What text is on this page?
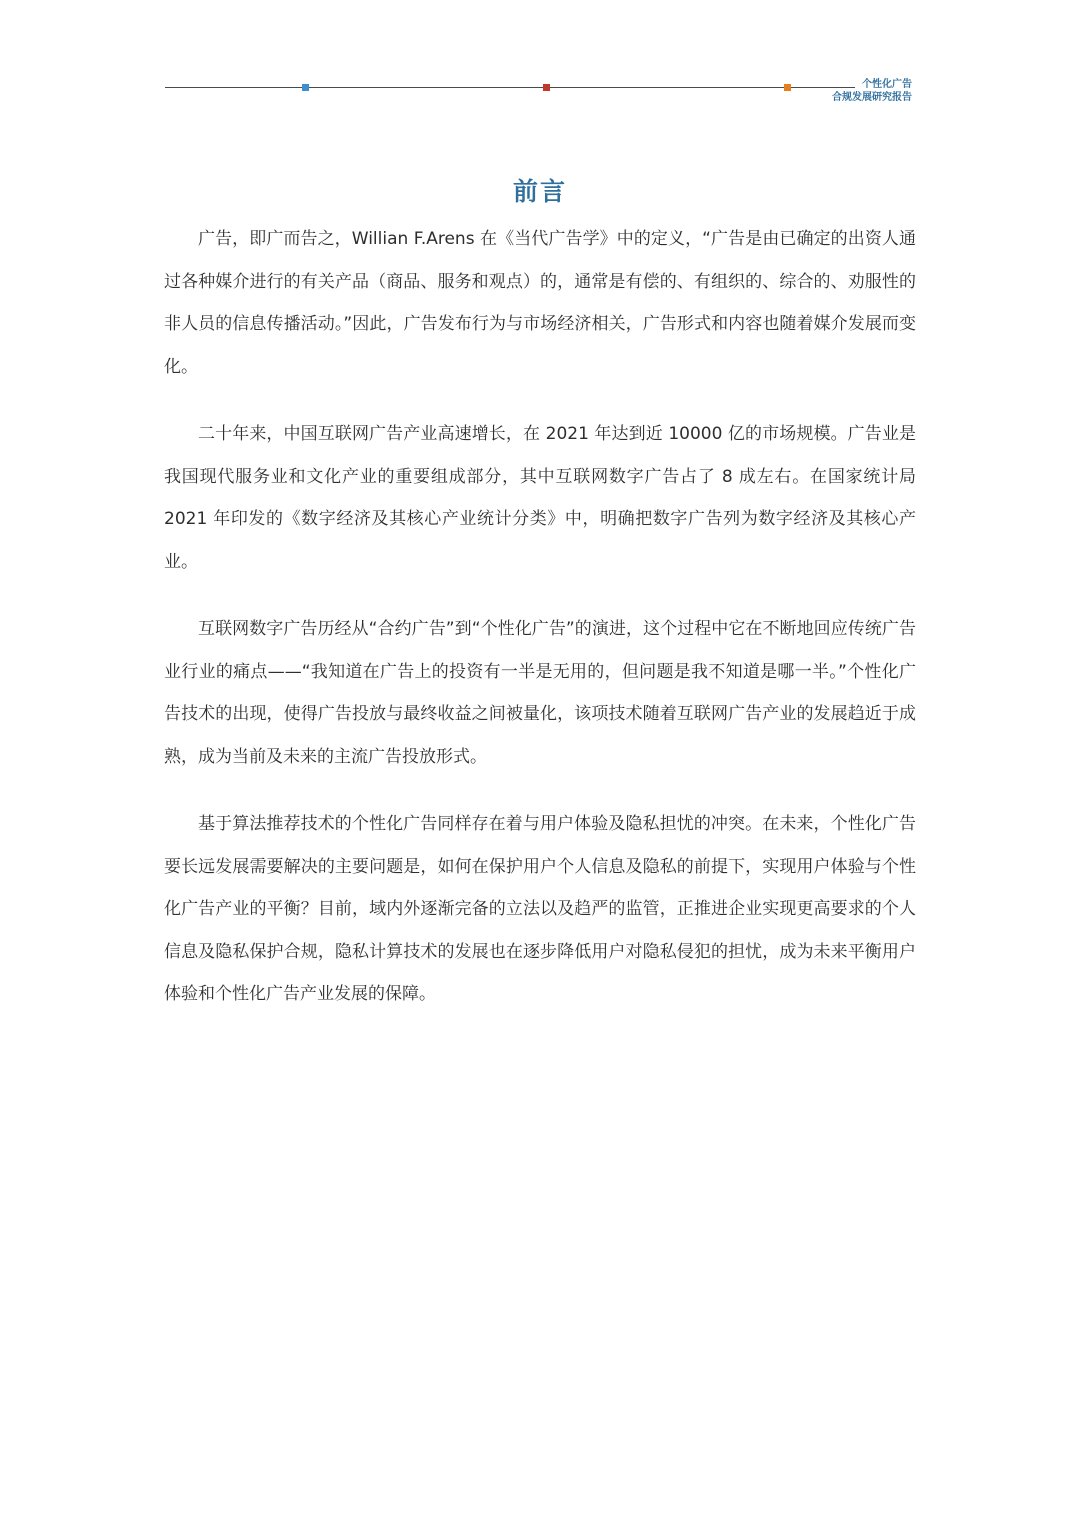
个性化广告
合规发展研究报告
前言

广告，即广而告之，Willian F.Arens 在《当代广告学》中的定义，“广告是由已确定的出资人通过各种媒介进行的有关产品（商品、服务和观点）的，通常是有偿的、有组织的、综合的、劝服性的非人员的信息传播活动。”因此，广告发布行为与市场经济相关，广告形式和内容也随着媒介发展而变化。

二十年来，中国互联网广告产业高速增长，在 2021 年达到近 10000 亿的市场规模。广告业是我国现代服务业和文化产业的重要组成部分，其中互联网数字广告占了 8 成左右。在国家统计局 2021 年印发的《数字经济及其核心产业统计分类》中，明确把数字广告列为数字经济及其核心产业。

互联网数字广告历经从“合约广告”到“个性化广告”的演进，这个过程中它在不断地回应传统广告业行业的痛点——“我知道在广告上的投资有一半是无用的，但问题是我不知道是哪一半。”个性化广告技术的出现，使得广告投放与最终收益之间被量化，该项技术随着互联网广告产业的发展趋近于成熟，成为当前及未来的主流广告投放形式。

基于算法推荐技术的个性化广告同样存在着与用户体验及隐私担忧的冲突。在未来，个性化广告要长远发展需要解决的主要问题是，如何在保护用户个人信息及隐私的前提下，实现用户体验与个性化广告产业的平衡？目前，域内外逐渐完备的立法以及趋严的监管，正推进企业实现更高要求的个人信息及隐私保护合规，隐私计算技术的发展也在逐步降低用户对隐私侵犯的担忧，成为未来平衡用户体验和个性化广告产业发展的保障。
